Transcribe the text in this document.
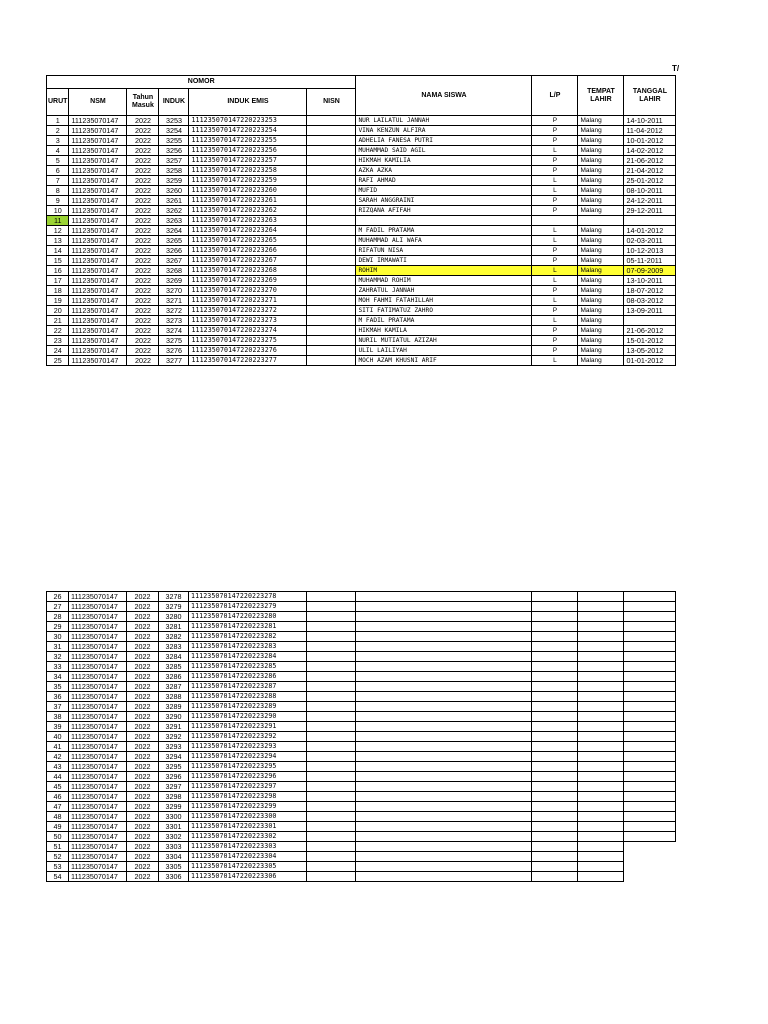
T/
NOMOR						NAMA SISWA	L/P	TEMPAT LAHIR	TANGGAL LAHIR
URUT	NSM	Tahun Masuk	INDUK	INDUK EMIS	NISN				
1	111235070147	2022	3253	111235070147220223253		NUR LAILATUL JANNAH	P	Malang	14-10-2011
2	111235070147	2022	3254	111235070147220223254		VINA KENZUN ALFIRA	P	Malang	11-04-2012
3	111235070147	2022	3255	111235070147220223255		ADHELIA FANESA PUTRI	P	Malang	10-01-2012
4	111235070147	2022	3256	111235070147220223256		MUHAMMAD SAID AGIL	L	Malang	14-02-2012
5	111235070147	2022	3257	111235070147220223257		HIKMAH KAMILIA	P	Malang	21-06-2012
6	111235070147	2022	3258	111235070147220223258		AZKA AZKA	P	Malang	21-04-2012
7	111235070147	2022	3259	111235070147220223259		RAFI AHMAD	L	Malang	25-01-2012
8	111235070147	2022	3260	111235070147220223260		MUFID	L	Malang	08-10-2011
9	111235070147	2022	3261	111235070147220223261		SARAH ANGGRAINI	P	Malang	24-12-2011
10	111235070147	2022	3262	111235070147220223262		RIZQANA AFIFAH	P	Malang	29-12-2011
11	111235070147	2022	3263	111235070147220223263					
12	111235070147	2022	3264	111235070147220223264		M FADIL PRATAMA	L	Malang	14-01-2012
13	111235070147	2022	3265	111235070147220223265		MUHAMMAD ALI WAFA	L	Malang	02-03-2011
14	111235070147	2022	3266	111235070147220223266		RIFATUN NISA	P	Malang	10-12-2013
15	111235070147	2022	3267	111235070147220223267		DEWI IRMAWATI	P	Malang	05-11-2011
16	111235070147	2022	3268	111235070147220223268		ROHIM	L	Malang	07-09-2009
17	111235070147	2022	3269	111235070147220223269		MUHAMMAD ROHIM	L	Malang	13-10-2011
18	111235070147	2022	3270	111235070147220223270		ZAHRATUL JANNAH	P	Malang	18-07-2012
19	111235070147	2022	3271	111235070147220223271		MOH FAHMI FATAHILLAH	L	Malang	08-03-2012
20	111235070147	2022	3272	111235070147220223272		SITI FATIMATUZ ZAHRO	P	Malang	13-09-2011
21	111235070147	2022	3273	111235070147220223273		M FADIL PRATAMA	L	Malang	
22	111235070147	2022	3274	111235070147220223274		HIKMAH KAMILA	P	Malang	21-06-2012
23	111235070147	2022	3275	111235070147220223275		NURIL MUTIATUL AZIZAH	P	Malang	15-01-2012
24	111235070147	2022	3276	111235070147220223276		ULIL LAILIYAH	P	Malang	13-05-2012
25	111235070147	2022	3277	111235070147220223277		MOCH AZAM KHUSNI ARIF	L	Malang	01-01-2012
26	111235070147	2022	3278	111235070147220223278					
27	111235070147	2022	3279	111235070147220223279					
28	111235070147	2022	3280	111235070147220223280					
29	111235070147	2022	3281	111235070147220223281					
30	111235070147	2022	3282	111235070147220223282					
31	111235070147	2022	3283	111235070147220223283					
32	111235070147	2022	3284	111235070147220223284					
33	111235070147	2022	3285	111235070147220223285					
34	111235070147	2022	3286	111235070147220223286					
35	111235070147	2022	3287	111235070147220223287					
36	111235070147	2022	3288	111235070147220223288					
37	111235070147	2022	3289	111235070147220223289					
38	111235070147	2022	3290	111235070147220223290					
39	111235070147	2022	3291	111235070147220223291					
40	111235070147	2022	3292	111235070147220223292					
41	111235070147	2022	3293	111235070147220223293					
42	111235070147	2022	3294	111235070147220223294					
43	111235070147	2022	3295	111235070147220223295					
44	111235070147	2022	3296	111235070147220223296					
45	111235070147	2022	3297	111235070147220223297					
46	111235070147	2022	3298	111235070147220223298					
47	111235070147	2022	3299	111235070147220223299					
48	111235070147	2022	3300	111235070147220223300					
49	111235070147	2022	3301	111235070147220223301					
50	111235070147	2022	3302	111235070147220223302					
51	111235070147	2022	3303	111235070147220223303					
52	111235070147	2022	3304	111235070147220223304					
53	111235070147	2022	3305	111235070147220223305					
54	111235070147	2022	3306	111235070147220223306					
